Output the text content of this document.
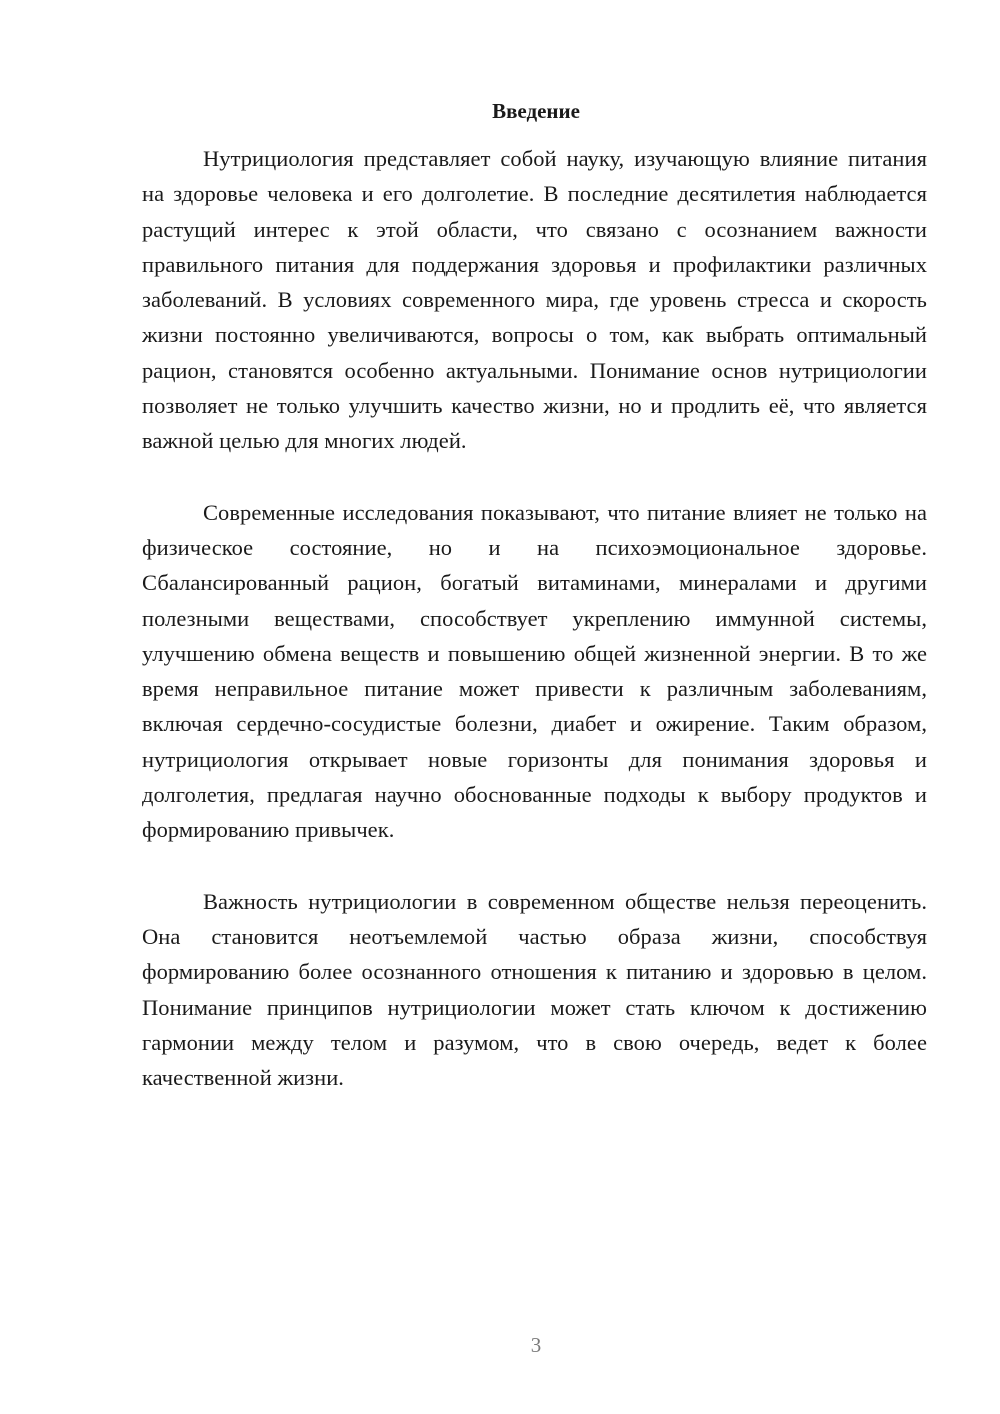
Введение

Нутрициология представляет собой науку, изучающую влияние питания на здоровье человека и его долголетие. В последние десятилетия наблюдается растущий интерес к этой области, что связано с осознанием важности правильного питания для поддержания здоровья и профилактики различных заболеваний. В условиях современного мира, где уровень стресса и скорость жизни постоянно увеличиваются, вопросы о том, как выбрать оптимальный рацион, становятся особенно актуальными. Понимание основ нутрициологии позволяет не только улучшить качество жизни, но и продлить её, что является важной целью для многих людей.

Современные исследования показывают, что питание влияет не только на физическое состояние, но и на психоэмоциональное здоровье. Сбалансированный рацион, богатый витаминами, минералами и другими полезными веществами, способствует укреплению иммунной системы, улучшению обмена веществ и повышению общей жизненной энергии. В то же время неправильное питание может привести к различным заболеваниям, включая сердечно-сосудистые болезни, диабет и ожирение. Таким образом, нутрициология открывает новые горизонты для понимания здоровья и долголетия, предлагая научно обоснованные подходы к выбору продуктов и формированию привычек.

Важность нутрициологии в современном обществе нельзя переоценить. Она становится неотъемлемой частью образа жизни, способствуя формированию более осознанного отношения к питанию и здоровью в целом. Понимание принципов нутрициологии может стать ключом к достижению гармонии между телом и разумом, что в свою очередь, ведет к более качественной жизни.

3
